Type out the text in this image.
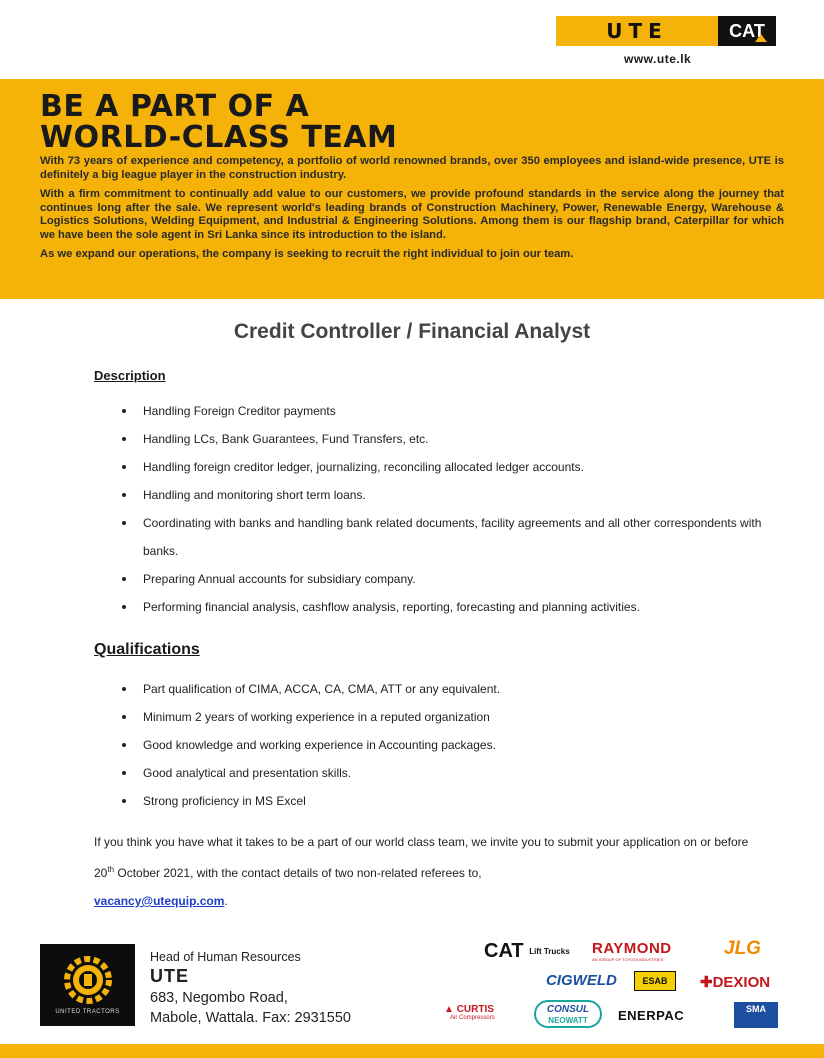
UTE	CAT
www.ute.lk
BE A PART OF A
WORLD-CLASS TEAM

With 73 years of experience and competency, a portfolio of world renowned brands, over 350 employees and island-wide presence, UTE is definitely a big league player in the construction industry.

With a firm commitment to continually add value to our customers, we provide profound standards in the service along the journey that continues long after the sale. We represent world's leading brands of Construction Machinery, Power, Renewable Energy, Warehouse & Logistics Solutions, Welding Equipment, and Industrial & Engineering Solutions. Among them is our flagship brand, Caterpillar for which we have been the sole agent in Sri Lanka since its introduction to the island.

As we expand our operations, the company is seeking to recruit the right individual to join our team.

Credit Controller / Financial Analyst
Description
Handling Foreign Creditor payments
Handling LCs, Bank Guarantees, Fund Transfers, etc.
Handling foreign creditor ledger, journalizing, reconciling allocated ledger accounts.
Handling and monitoring short term loans.
Coordinating with banks and handling bank related documents, facility agreements and all other correspondents with banks.
Preparing Annual accounts for subsidiary company.
Performing financial analysis, cashflow analysis, reporting, forecasting and planning activities.
Qualifications
Part qualification of CIMA, ACCA, CA, CMA, ATT or any equivalent.
Minimum 2 years of working experience in a reputed organization
Good knowledge and working experience in Accounting packages.
Good analytical and presentation skills.
Strong proficiency in MS Excel
If you think you have what it takes to be a part of our world class team, we invite you to submit your application on or before 20th October 2021, with the contact details of two non-related referees to,
vacancy@utequip.com.
UNITED TRACTORS
Head of Human Resources
UTE
683, Negombo Road,
Mabole, Wattala. Fax: 2931550
CAT Lift Trucks RAYMOND
AN IGROUP OF TOYOTA INDUSTRIES
JLG
CIGWELD	ESAB ✚DEXION
▲ CURTIS
Air Compressors
CONSUL
NEOWATT	ENERPAC	SMA
